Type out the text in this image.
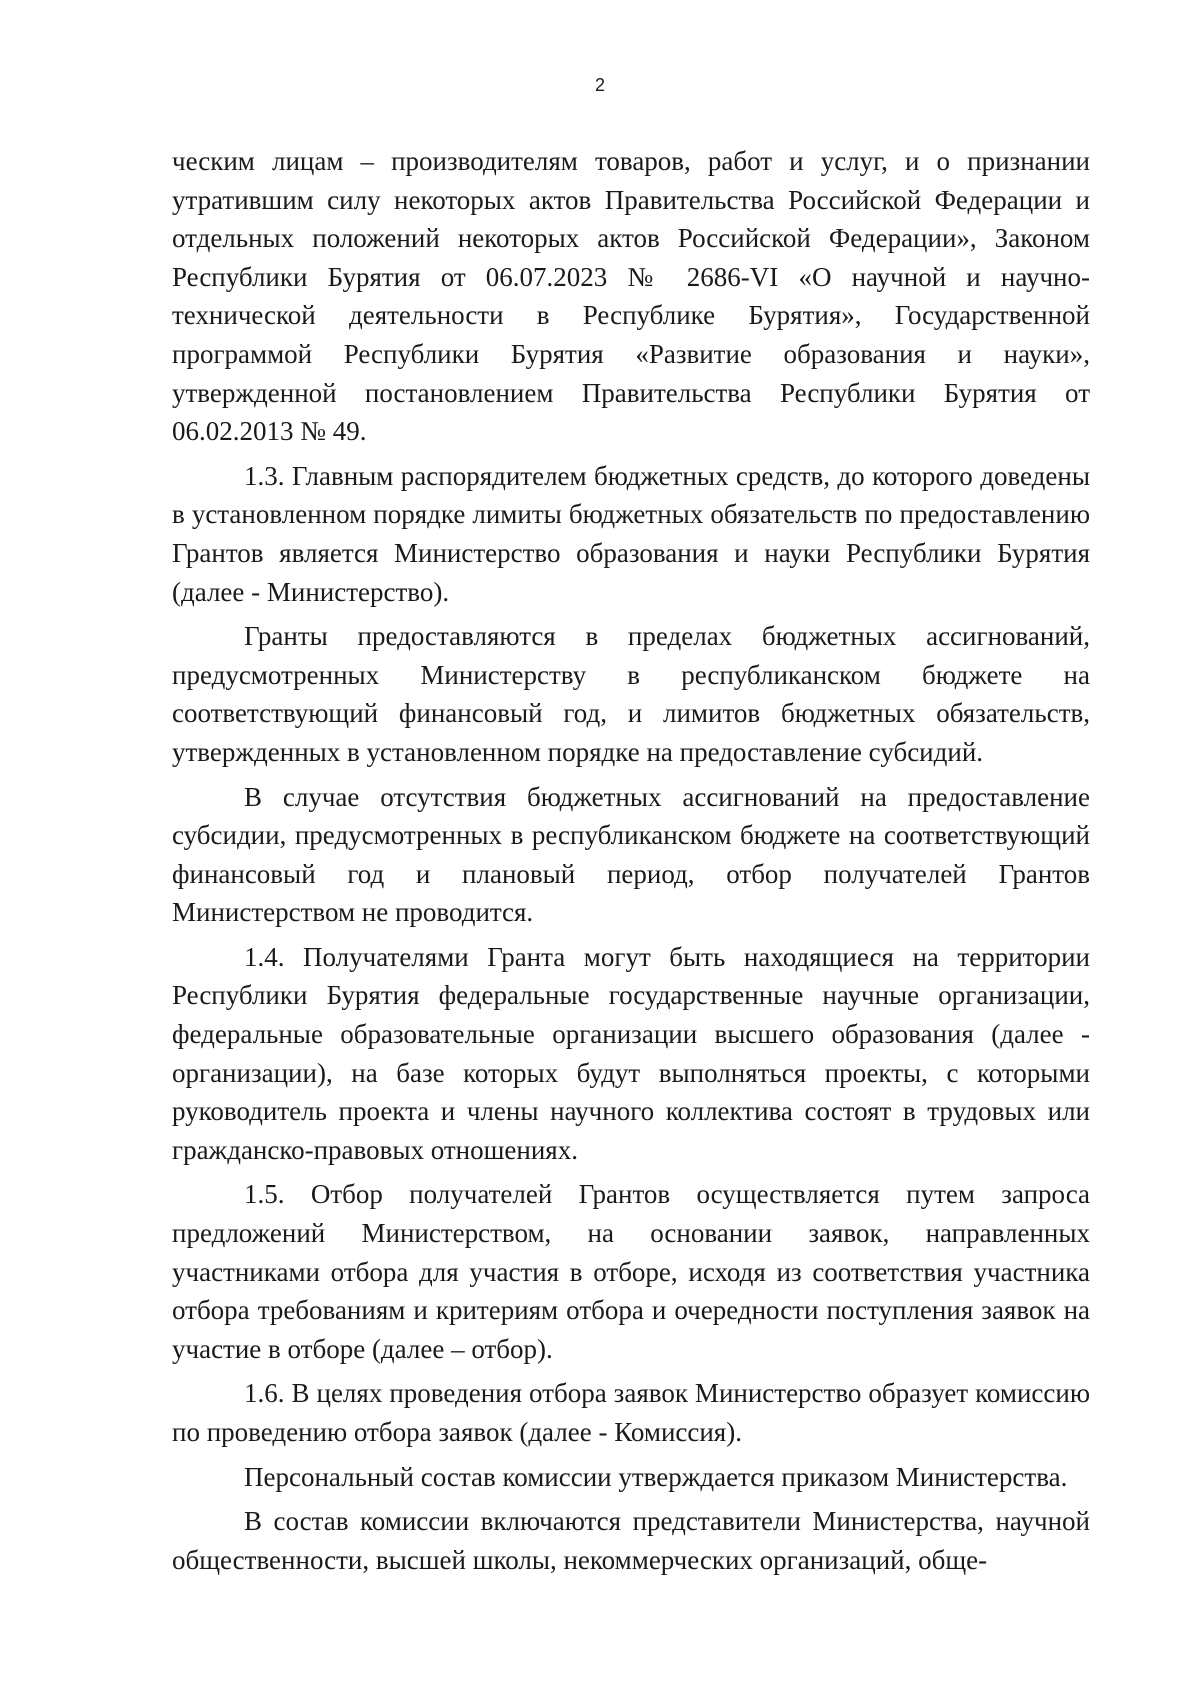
2

ческим лицам – производителям товаров, работ и услуг, и о признании утратившим силу некоторых актов Правительства Российской Федерации и отдельных положений некоторых актов Российской Федерации», Законом Республики Бурятия от 06.07.2023 № 2686-VI «О научной и научно-технической деятельности в Республике Бурятия», Государственной программой Республики Бурятия «Развитие образования и науки», утвержденной постановлением Правительства Республики Бурятия от 06.02.2013 № 49.

1.3. Главным распорядителем бюджетных средств, до которого доведены в установленном порядке лимиты бюджетных обязательств по предоставлению Грантов является Министерство образования и науки Республики Бурятия (далее - Министерство).

Гранты предоставляются в пределах бюджетных ассигнований, предусмотренных Министерству в республиканском бюджете на соответствующий финансовый год, и лимитов бюджетных обязательств, утвержденных в установленном порядке на предоставление субсидий.

В случае отсутствия бюджетных ассигнований на предоставление субсидии, предусмотренных в республиканском бюджете на соответствующий финансовый год и плановый период, отбор получателей Грантов Министерством не проводится.

1.4. Получателями Гранта могут быть находящиеся на территории Республики Бурятия федеральные государственные научные организации, федеральные образовательные организации высшего образования (далее - организации), на базе которых будут выполняться проекты, с которыми руководитель проекта и члены научного коллектива состоят в трудовых или гражданско-правовых отношениях.

1.5. Отбор получателей Грантов осуществляется путем запроса предложений Министерством, на основании заявок, направленных участниками отбора для участия в отборе, исходя из соответствия участника отбора требованиям и критериям отбора и очередности поступления заявок на участие в отборе (далее – отбор).

1.6. В целях проведения отбора заявок Министерство образует комиссию по проведению отбора заявок (далее - Комиссия).

Персональный состав комиссии утверждается приказом Министерства.

В состав комиссии включаются представители Министерства, научной общественности, высшей школы, некоммерческих организаций, обще-
